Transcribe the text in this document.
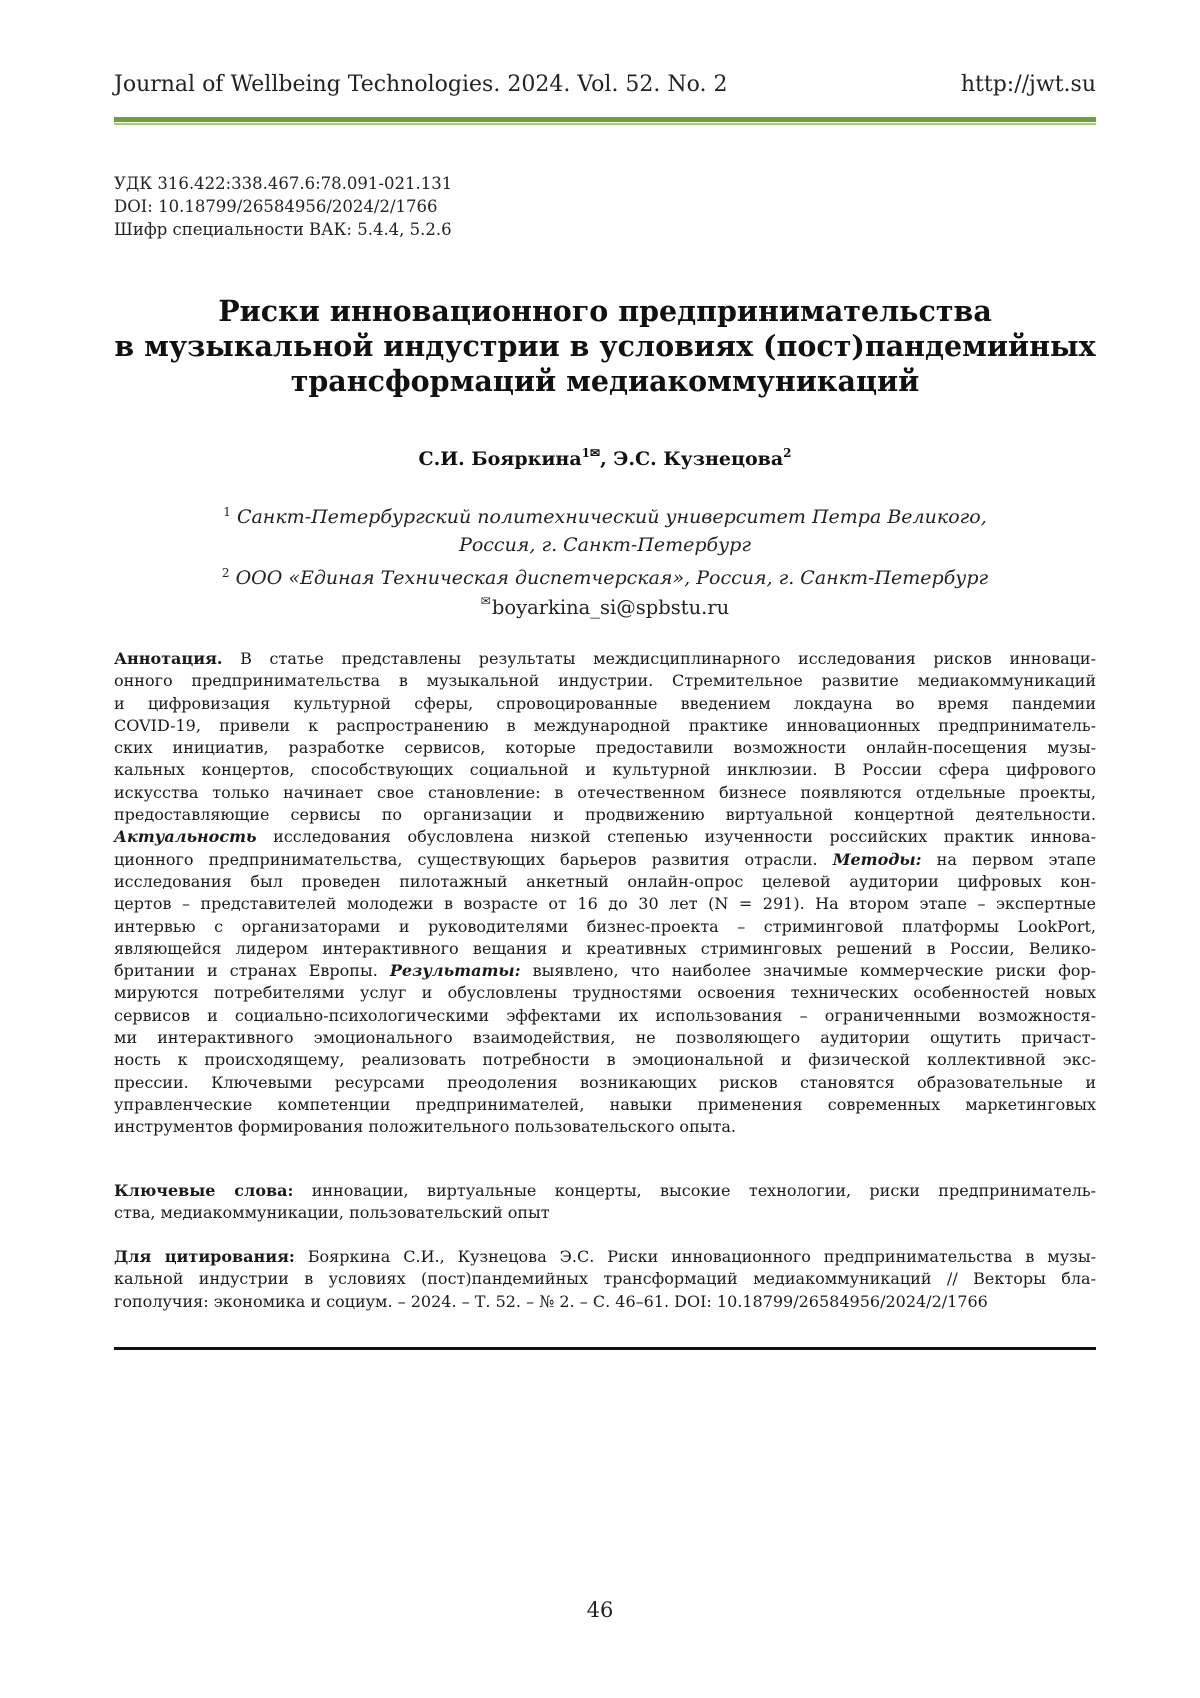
Journal of Wellbeing Technologies. 2024. Vol. 52. No. 2	http://jwt.su
УДК 316.422:338.467.6:78.091-021.131
DOI: 10.18799/26584956/2024/2/1766
Шифр специальности ВАК: 5.4.4, 5.2.6
Риски инновационного предпринимательства
в музыкальной индустрии в условиях (пост)пандемийных
трансформаций медиакоммуникаций
С.И. Бояркина$^{1✉}$, Э.С. Кузнецова$^2$
$^1$ Санкт-Петербургский политехнический университет Петра Великого,
Россия, г. Санкт-Петербург
$^2$ ООО «Единая Техническая диспетчерская», Россия, г. Санкт-Петербург
✉boyarkina_si@spbstu.ru
Аннотация. В статье представлены результаты междисциплинарного исследования рисков инноваци-
онного предпринимательства в музыкальной индустрии. Стремительное развитие медиакоммуникаций
и цифровизация культурной сферы, спровоцированные введением локдауна во время пандемии
COVID-19, привели к распространению в международной практике инновационных предприниматель-
ских инициатив, разработке сервисов, которые предоставили возможности онлайн-посещения музы-
кальных концертов, способствующих социальной и культурной инклюзии. В России сфера цифрового
искусства только начинает свое становление: в отечественном бизнесе появляются отдельные проекты,
предоставляющие сервисы по организации и продвижению виртуальной концертной деятельности.
Актуальность исследования обусловлена низкой степенью изученности российских практик иннова-
ционного предпринимательства, существующих барьеров развития отрасли. Методы: на первом этапе
исследования был проведен пилотажный анкетный онлайн-опрос целевой аудитории цифровых кон-
цертов – представителей молодежи в возрасте от 16 до 30 лет (N = 291). На втором этапе – экспертные
интервью с организаторами и руководителями бизнес-проекта – стриминговой платформы LookPort,
являющейся лидером интерактивного вещания и креативных стриминговых решений в России, Велико-
британии и странах Европы. Результаты: выявлено, что наиболее значимые коммерческие риски фор-
мируются потребителями услуг и обусловлены трудностями освоения технических особенностей новых
сервисов и социально-психологическими эффектами их использования – ограниченными возможностя-
ми интерактивного эмоционального взаимодействия, не позволяющего аудитории ощутить причаст-
ность к происходящему, реализовать потребности в эмоциональной и физической коллективной экс-
прессии. Ключевыми ресурсами преодоления возникающих рисков становятся образовательные и
управленческие компетенции предпринимателей, навыки применения современных маркетинговых
инструментов формирования положительного пользовательского опыта.
Ключевые слова: инновации, виртуальные концерты, высокие технологии, риски предприниматель-
ства, медиакоммуникации, пользовательский опыт
Для цитирования: Бояркина С.И., Кузнецова Э.С. Риски инновационного предпринимательства в музы-
кальной индустрии в условиях (пост)пандемийных трансформаций медиакоммуникаций // Векторы бла-
гополучия: экономика и социум. – 2024. – Т. 52. – № 2. – С. 46–61. DOI: 10.18799/26584956/2024/2/1766
46
